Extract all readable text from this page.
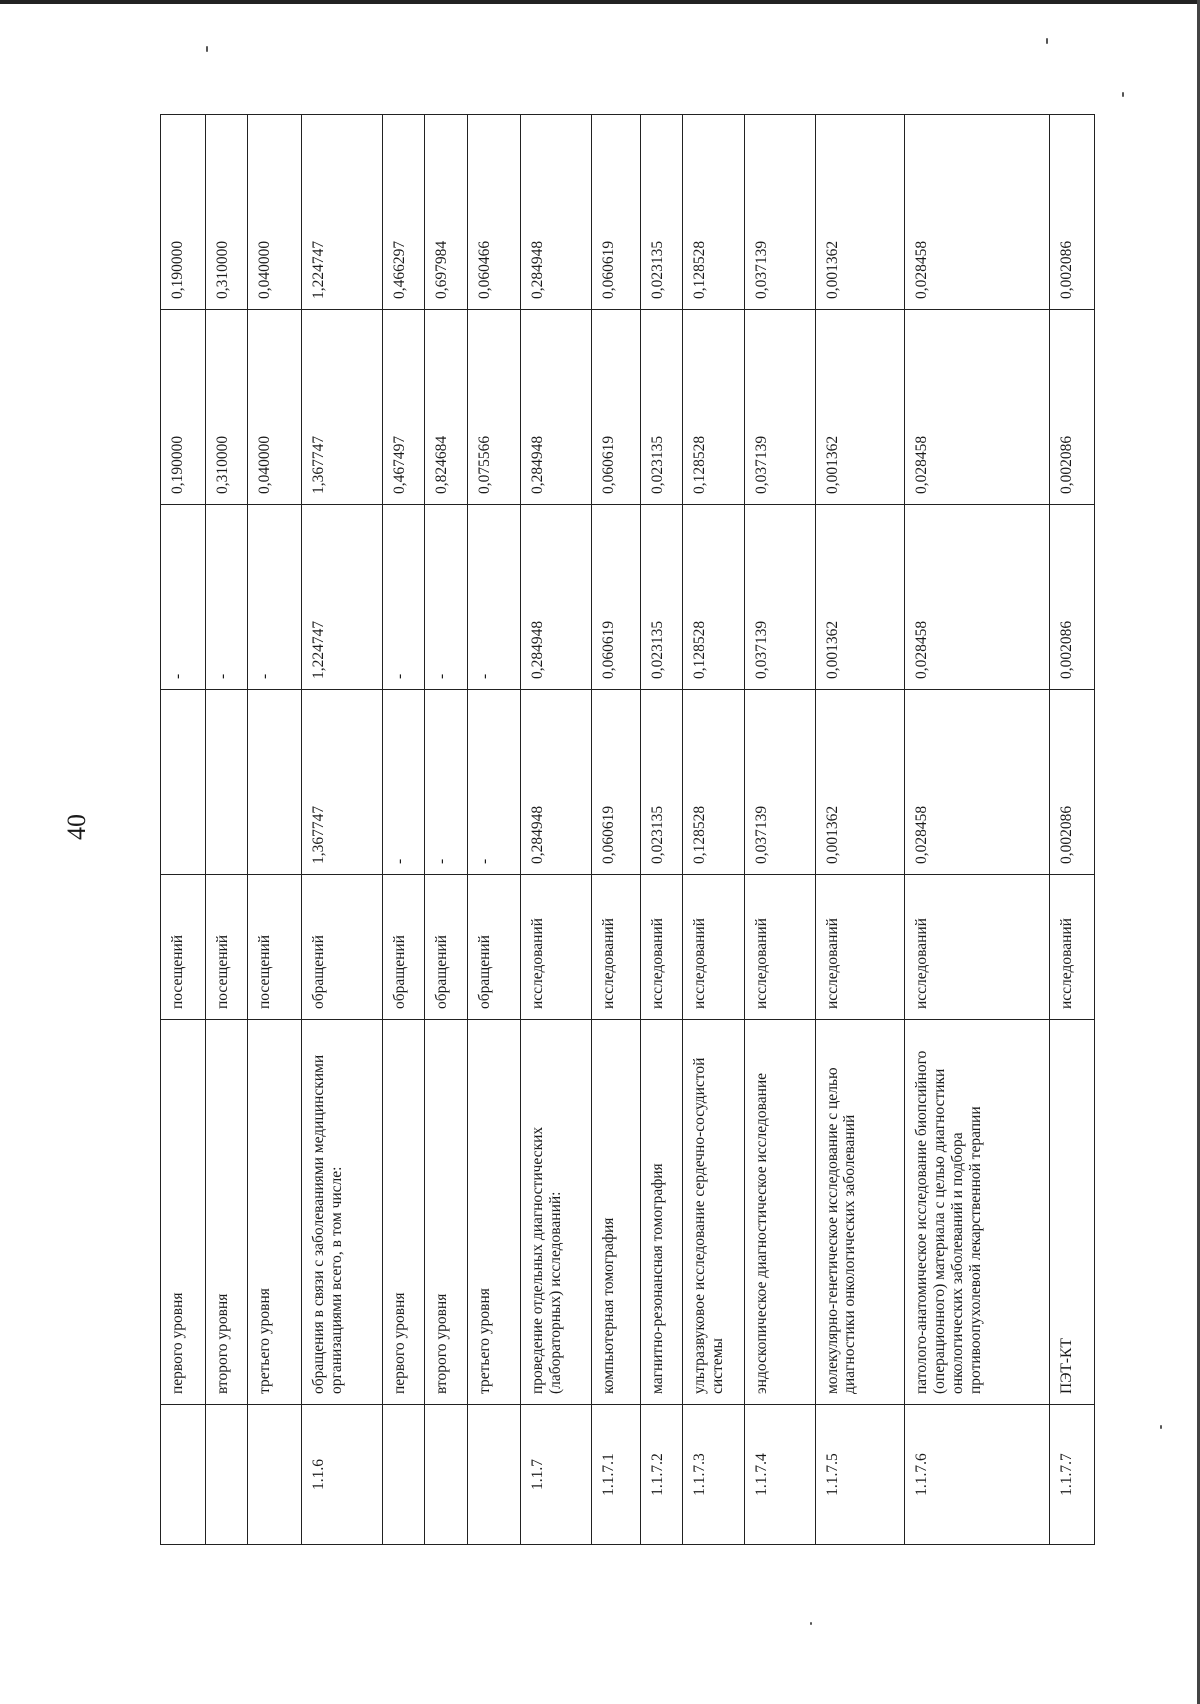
40
	первого уровня	посещений		-	0,190000	0,190000
	второго уровня	посещений		-	0,310000	0,310000
	третьего уровня	посещений		-	0,040000	0,040000
1.1.6	обращения в связи с заболеваниями медицинскими организациями всего, в том числе:	обращений	1,367747	1,224747	1,367747	1,224747
	первого уровня	обращений	-	-	0,467497	0,466297
	второго уровня	обращений	-	-	0,824684	0,697984
	третьего уровня	обращений	-	-	0,075566	0,060466
1.1.7	проведение отдельных диагностических (лабораторных) исследований:	исследований	0,284948	0,284948	0,284948	0,284948
1.1.7.1	компьютерная томография	исследований	0,060619	0,060619	0,060619	0,060619
1.1.7.2	магнитно-резонансная томография	исследований	0,023135	0,023135	0,023135	0,023135
1.1.7.3	ультразвуковое исследование сердечно-сосудистой системы	исследований	0,128528	0,128528	0,128528	0,128528
1.1.7.4	эндоскопическое диагностическое исследование	исследований	0,037139	0,037139	0,037139	0,037139
1.1.7.5	молекулярно-генетическое исследование с целью диагностики онкологических заболеваний	исследований	0,001362	0,001362	0,001362	0,001362
1.1.7.6	патолого-анатомическое исследование биопсийного (операционного) материала с целью диагностики онкологических заболеваний и подбора противоопухолевой лекарственной терапии	исследований	0,028458	0,028458	0,028458	0,028458
1.1.7.7	ПЭТ-КТ	исследований	0,002086	0,002086	0,002086	0,002086
